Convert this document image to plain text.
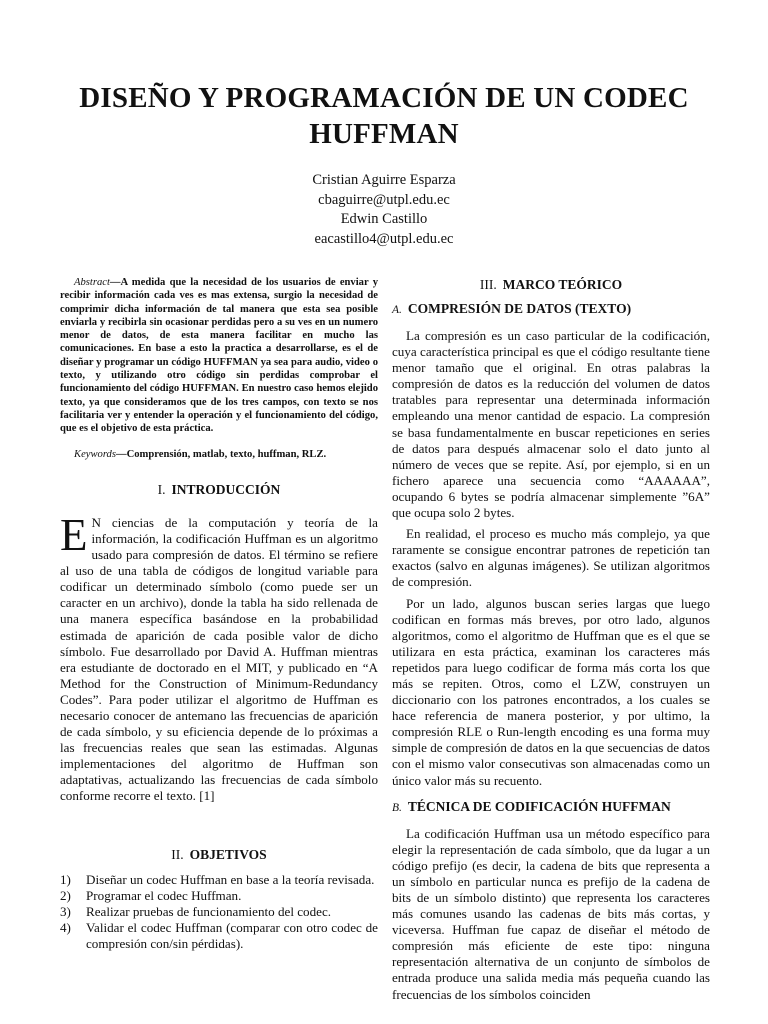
DISEÑO Y PROGRAMACIÓN DE UN CODEC HUFFMAN
Cristian Aguirre Esparza
cbaguirre@utpl.edu.ec
Edwin Castillo
eacastillo4@utpl.edu.ec

Abstract—A medida que la necesidad de los usuarios de enviar y recibir información cada ves es mas extensa, surgio la necesidad de comprimir dicha información de tal manera que esta sea posible enviarla y recibirla sin ocasionar perdidas pero a su ves en un numero menor de datos, de esta manera facilitar en mucho las comunicaciones. En base a esto la practica a desarrollarse, es el de diseñar y programar un código HUFFMAN ya sea para audio, video o texto, y utilizando otro código sin perdidas comprobar el funcionamiento del código HUFFMAN. En nuestro caso hemos elejido texto, ya que consideramos que de los tres campos, con texto se nos facilitaria ver y entender la operación y el funcionamiento del código, que es el objetivo de esta práctica.

Keywords—Comprensión, matlab, texto, huffman, RLZ.

I. INTRODUCCIÓN

E N ciencias de la computación y teoría de la información, la codificación Huffman es un algoritmo usado para compresión de datos. El término se refiere al uso de una tabla de códigos de longitud variable para codificar un determinado símbolo (como puede ser un caracter en un archivo), donde la tabla ha sido rellenada de una manera específica basándose en la probabilidad estimada de aparición de cada posible valor de dicho símbolo. Fue desarrollado por David A. Huffman mientras era estudiante de doctorado en el MIT, y publicado en “A Method for the Construction of Minimum-Redundancy Codes”. Para poder utilizar el algoritmo de Huffman es necesario conocer de antemano las frecuencias de aparición de cada símbolo, y su eficiencia depende de lo próximas a las frecuencias reales que sean las estimadas. Algunas implementaciones del algoritmo de Huffman son adaptativas, actualizando las frecuencias de cada símbolo conforme recorre el texto. [1]

II. OBJETIVOS
1)	Diseñar un codec Huffman en base a la teoría revisada.
2)	Programar el codec Huffman.
3)	Realizar pruebas de funcionamiento del codec.
4)	Validar el codec Huffman (comparar con otro codec de compresión con/sin pérdidas).
III. MARCO TEÓRICO
A. COMPRESIÓN DE DATOS (TEXTO)

La compresión es un caso particular de la codificación, cuya característica principal es que el código resultante tiene menor tamaño que el original. En otras palabras la compresión de datos es la reducción del volumen de datos tratables para representar una determinada información empleando una menor cantidad de espacio. La compresión se basa fundamentalmente en buscar repeticiones en series de datos para después almacenar solo el dato junto al número de veces que se repite. Así, por ejemplo, si en un fichero aparece una secuencia como “AAAAAA”, ocupando 6 bytes se podría almacenar simplemente ”6A” que ocupa solo 2 bytes.

En realidad, el proceso es mucho más complejo, ya que raramente se consigue encontrar patrones de repetición tan exactos (salvo en algunas imágenes). Se utilizan algoritmos de compresión.

Por un lado, algunos buscan series largas que luego codifican en formas más breves, por otro lado, algunos algoritmos, como el algoritmo de Huffman que es el que se utilizara en esta práctica, examinan los caracteres más repetidos para luego codificar de forma más corta los que más se repiten. Otros, como el LZW, construyen un diccionario con los patrones encontrados, a los cuales se hace referencia de manera posterior, y por ultimo, la compresión RLE o Run-length encoding es una forma muy simple de compresión de datos en la que secuencias de datos con el mismo valor consecutivas son almacenadas como un único valor más su recuento.

B. TÉCNICA DE CODIFICACIÓN HUFFMAN

La codificación Huffman usa un método específico para elegir la representación de cada símbolo, que da lugar a un código prefijo (es decir, la cadena de bits que representa a un símbolo en particular nunca es prefijo de la cadena de bits de un símbolo distinto) que representa los caracteres más comunes usando las cadenas de bits más cortas, y viceversa. Huffman fue capaz de diseñar el método de compresión más eficiente de este tipo: ninguna representación alternativa de un conjunto de símbolos de entrada produce una salida media más pequeña cuando las frecuencias de los símbolos coinciden
